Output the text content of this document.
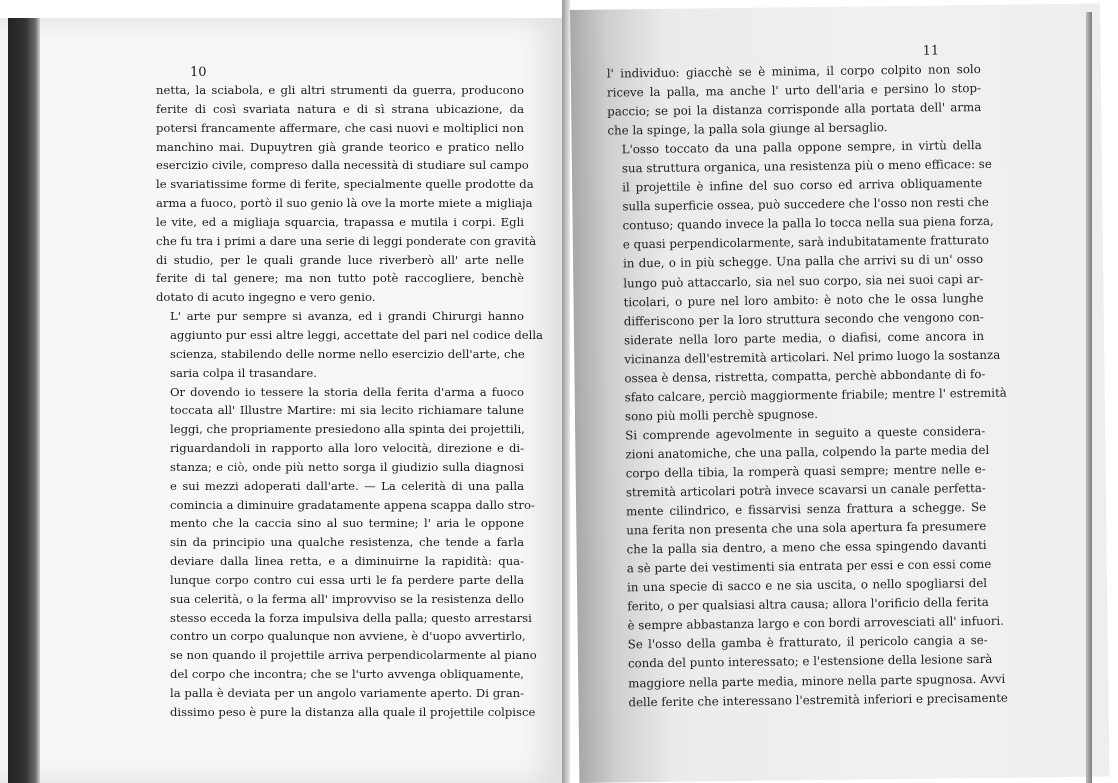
10

netta, la sciabola, e gli altri strumenti da guerra, producono
ferite di così svariata natura e di sì strana ubicazione, da
potersi francamente affermare, che casi nuovi e moltiplici non
manchino mai. Dupuytren già grande teorico e pratico nello
esercizio civile, compreso dalla necessità di studiare sul campo
le svariatissime forme di ferite, specialmente quelle prodotte da
arma a fuoco, portò il suo genio là ove la morte miete a migliaja
le vite, ed a migliaja squarcia, trapassa e mutila i corpi. Egli
che fu tra i primi a dare una serie di leggi ponderate con gravità
di studio, per le quali grande luce riverberò all' arte nelle
ferite di tal genere; ma non tutto potè raccogliere, benchè
dotato di acuto ingegno e vero genio.

L' arte pur sempre si avanza, ed i grandi Chirurgi hanno
aggiunto pur essi altre leggi, accettate del pari nel codice della
scienza, stabilendo delle norme nello esercizio dell'arte, che
saria colpa il trasandare.

Or dovendo io tessere la storia della ferita d'arma a fuoco
toccata all' Illustre Martire: mi sia lecito richiamare talune
leggi, che propriamente presiedono alla spinta dei projettili,
riguardandoli in rapporto alla loro velocità, direzione e di-
stanza; e ciò, onde più netto sorga il giudizio sulla diagnosi
e sui mezzi adoperati dall'arte. — La celerità di una palla
comincia a diminuire gradatamente appena scappa dallo stro-
mento che la caccia sino al suo termine; l' aria le oppone
sin da principio una qualche resistenza, che tende a farla
deviare dalla linea retta, e a diminuirne la rapidità: qua-
lunque corpo contro cui essa urti le fa perdere parte della
sua celerità, o la ferma all' improvviso se la resistenza dello
stesso ecceda la forza impulsiva della palla; questo arrestarsi
contro un corpo qualunque non avviene, è d'uopo avvertirlo,
se non quando il projettile arriva perpendicolarmente al piano
del corpo che incontra; che se l'urto avvenga obliquamente,
la palla è deviata per un angolo variamente aperto. Di gran-
dissimo peso è pure la distanza alla quale il projettile colpisce

11

l' individuo: giacchè se è minima, il corpo colpito non solo
riceve la palla, ma anche l' urto dell'aria e persino lo stop-
paccio; se poi la distanza corrisponde alla portata dell' arma
che la spinge, la palla sola giunge al bersaglio.

L'osso toccato da una palla oppone sempre, in virtù della
sua struttura organica, una resistenza più o meno efficace: se
il projettile è infine del suo corso ed arriva obliquamente
sulla superficie ossea, può succedere che l'osso non resti che
contuso; quando invece la palla lo tocca nella sua piena forza,
e quasi perpendicolarmente, sarà indubitatamente fratturato
in due, o in più schegge. Una palla che arrivi su di un' osso
lungo può attaccarlo, sia nel suo corpo, sia nei suoi capi ar-
ticolari, o pure nel loro ambito: è noto che le ossa lunghe
differiscono per la loro struttura secondo che vengono con-
siderate nella loro parte media, o diafisi, come ancora in
vicinanza dell'estremità articolari. Nel primo luogo la sostanza
ossea è densa, ristretta, compatta, perchè abbondante di fo-
sfato calcare, perciò maggiormente friabile; mentre l' estremità
sono più molli perchè spugnose.

Si comprende agevolmente in seguito a queste considera-
zioni anatomiche, che una palla, colpendo la parte media del
corpo della tibia, la romperà quasi sempre; mentre nelle e-
stremità articolari potrà invece scavarsi un canale perfetta-
mente cilindrico, e fissarvisi senza frattura a schegge. Se
una ferita non presenta che una sola apertura fa presumere
che la palla sia dentro, a meno che essa spingendo davanti
a sè parte dei vestimenti sia entrata per essi e con essi come
in una specie di sacco e ne sia uscita, o nello spogliarsi del
ferito, o per qualsiasi altra causa; allora l'orificio della ferita
è sempre abbastanza largo e con bordi arrovesciati all' infuori.

Se l'osso della gamba è fratturato, il pericolo cangia a se-
conda del punto interessato; e l'estensione della lesione sarà
maggiore nella parte media, minore nella parte spugnosa. Avvi
delle ferite che interessano l'estremità inferiori e precisamente
